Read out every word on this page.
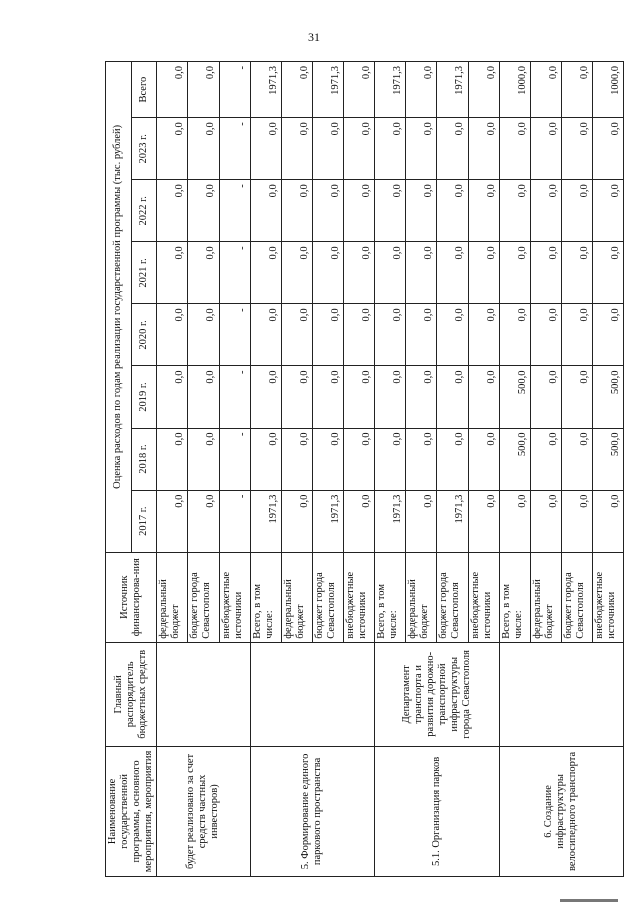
31
Наименование государственной программы, основного мероприятия, мероприятия	Главный распорядитель бюджетных средств	Источник финансирова-ния	Оценка расходов по годам реализации государственной программы (тыс. рублей)							
			2017 г.	2018 г.	2019 г.	2020 г.	2021 г.	2022 г.	2023 г.	Всего
будет реализовано за счет средств частных инвесторов)		федеральный бюджет	0,0	0,0	0,0	0,0	0,0	0,0	0,0	0,0
		бюджет города Севастополя	0,0	0,0	0,0	0,0	0,0	0,0	0,0	0,0
		внебюджетные источники	-	-	-	-	-	-	-	-
5. Формирование единого паркового пространства		Всего, в том числе:	1971,3	0,0	0,0	0,0	0,0	0,0	0,0	1971,3
		федеральный бюджет	0,0	0,0	0,0	0,0	0,0	0,0	0,0	0,0
		бюджет города Севастополя	1971,3	0,0	0,0	0,0	0,0	0,0	0,0	1971,3
		внебюджетные источники	0,0	0,0	0,0	0,0	0,0	0,0	0,0	0,0
5.1. Организация парков	Департамент транспорта и развития дорожно-транспортной инфраструктуры города Севастополя	Всего, в том числе:	1971,3	0,0	0,0	0,0	0,0	0,0	0,0	1971,3
		федеральный бюджет	0,0	0,0	0,0	0,0	0,0	0,0	0,0	0,0
		бюджет города Севастополя	1971,3	0,0	0,0	0,0	0,0	0,0	0,0	1971,3
		внебюджетные источники	0,0	0,0	0,0	0,0	0,0	0,0	0,0	0,0
6. Создание инфраструктуры велосипедного транспорта		Всего, в том числе:	0,0	500,0	500,0	0,0	0,0	0,0	0,0	1000,0
		федеральный бюджет	0,0	0,0	0,0	0,0	0,0	0,0	0,0	0,0
		бюджет города Севастополя	0,0	0,0	0,0	0,0	0,0	0,0	0,0	0,0
		внебюджетные источники	0,0	500,0	500,0	0,0	0,0	0,0	0,0	1000,0
